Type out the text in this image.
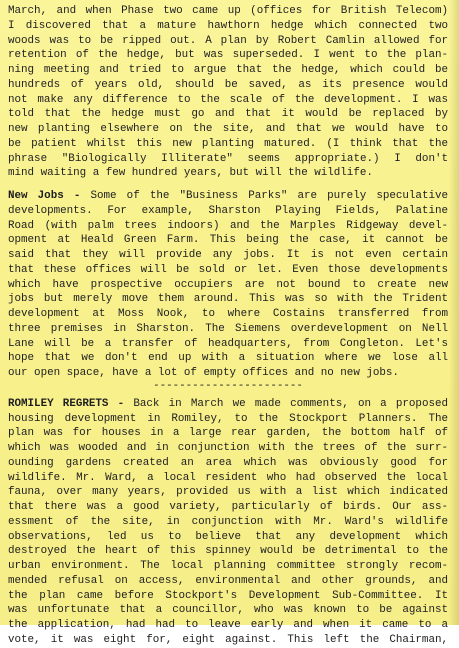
March, and when Phase two came up (offices for British Telecom)
I discovered that a mature hawthorn hedge which connected two
woods was to be ripped out. A plan by Robert Camlin allowed for
retention of the hedge, but was superseded. I went to the plan-
ning meeting and tried to argue that the hedge, which could be
hundreds of years old, should be saved, as its presence would
not make any difference to the scale of the development. I was
told that the hedge must go and that it would be replaced by
new planting elsewhere on the site, and that we would have to
be patient whilst this new planting matured. (I think that the
phrase "Biologically Illiterate" seems appropriate.) I don't
mind waiting a few hundred years, but will the wildlife.
New Jobs - Some of the "Business Parks" are purely speculative
developments. For example, Sharston Playing Fields, Palatine
Road (with palm trees indoors) and the Marples Ridgeway devel-
opment at Heald Green Farm. This being the case, it cannot be
said that they will provide any jobs. It is not even certain
that these offices will be sold or let. Even those developments
which have prospective occupiers are not bound to create new
jobs but merely move them around. This was so with the Trident
development at Moss Nook, to where Costains transferred from
three premises in Sharston. The Siemens overdevelopment on Nell
Lane will be a transfer of headquarters, from Congleton. Let's
hope that we don't end up with a situation where we lose all
our open space, have a lot of empty offices and no new jobs.
-----------------------
ROMILEY REGRETS - Back in March we made comments, on a proposed
housing development in Romiley, to the Stockport Planners. The
plan was for houses in a large rear garden, the bottom half of
which was wooded and in conjunction with the trees of the surr-
ounding gardens created an area which was obviously good for
wildlife. Mr. Ward, a local resident who had observed the local
fauna, over many years, provided us with a list which indicated
that there was a good variety, particularly of birds. Our ass-
essment of the site, in conjunction with Mr. Ward's wildlife
observations, led us to believe that any development which
destroyed the heart of this spinney would be detrimental to the
urban environment. The local planning committee strongly recom-
mended refusal on access, environmental and other grounds, and
the plan came before Stockport's Development Sub-Committee. It
was unfortunate that a councillor, who was known to be against
the application, had had to leave early and when it came to a
vote, it was eight for, eight against. This left the Chairman,
